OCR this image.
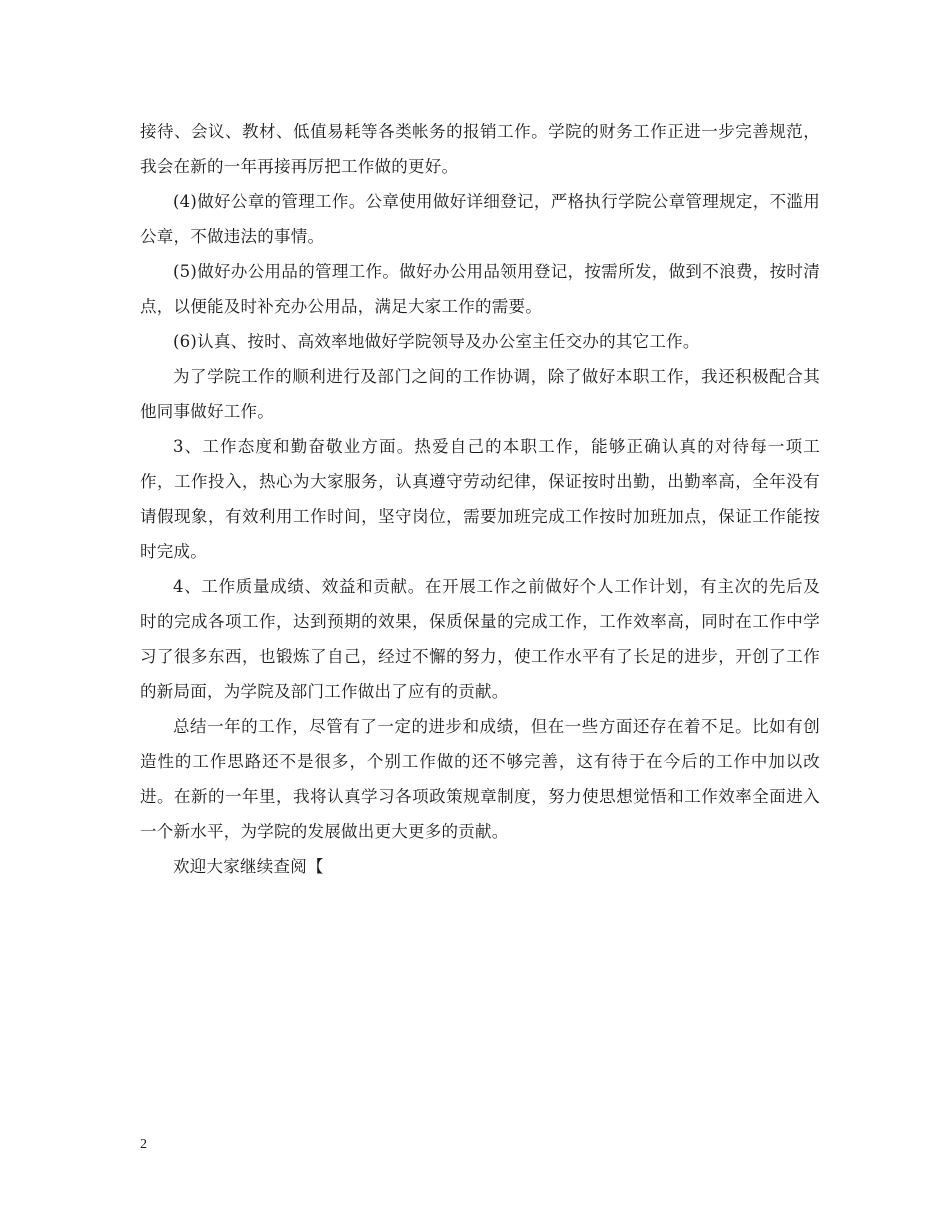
接待、会议、教材、低值易耗等各类帐务的报销工作。学院的财务工作正进一步完善规范，我会在新的一年再接再厉把工作做的更好。

(4)做好公章的管理工作。公章使用做好详细登记，严格执行学院公章管理规定，不滥用公章，不做违法的事情。

(5)做好办公用品的管理工作。做好办公用品领用登记，按需所发，做到不浪费，按时清点，以便能及时补充办公用品，满足大家工作的需要。

(6)认真、按时、高效率地做好学院领导及办公室主任交办的其它工作。

为了学院工作的顺利进行及部门之间的工作协调，除了做好本职工作，我还积极配合其他同事做好工作。

3、工作态度和勤奋敬业方面。热爱自己的本职工作，能够正确认真的对待每一项工作，工作投入，热心为大家服务，认真遵守劳动纪律，保证按时出勤，出勤率高，全年没有请假现象，有效利用工作时间，坚守岗位，需要加班完成工作按时加班加点，保证工作能按时完成。

4、工作质量成绩、效益和贡献。在开展工作之前做好个人工作计划，有主次的先后及时的完成各项工作，达到预期的效果，保质保量的完成工作，工作效率高，同时在工作中学习了很多东西，也锻炼了自己，经过不懈的努力，使工作水平有了长足的进步，开创了工作的新局面，为学院及部门工作做出了应有的贡献。

总结一年的工作，尽管有了一定的进步和成绩，但在一些方面还存在着不足。比如有创造性的工作思路还不是很多，个别工作做的还不够完善，这有待于在今后的工作中加以改进。在新的一年里，我将认真学习各项政策规章制度，努力使思想觉悟和工作效率全面进入一个新水平，为学院的发展做出更大更多的贡献。

欢迎大家继续查阅【

2
